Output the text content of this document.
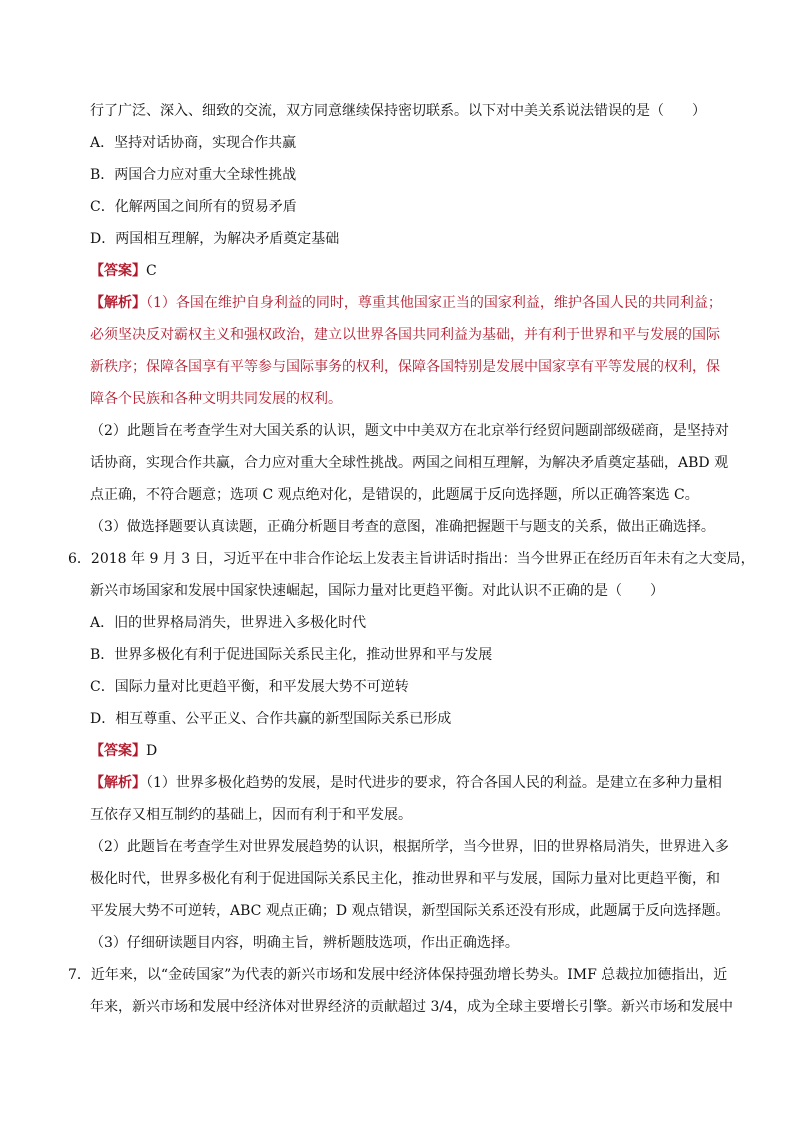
行了广泛、深入、细致的交流，双方同意继续保持密切联系。以下对中美关系说法错误的是（　　）
A．坚持对话协商，实现合作共赢
B．两国合力应对重大全球性挑战
C．化解两国之间所有的贸易矛盾
D．两国相互理解，为解决矛盾奠定基础
【答案】C
【解析】（1）各国在维护自身利益的同时，尊重其他国家正当的国家利益，维护各国人民的共同利益；
必须坚决反对霸权主义和强权政治，建立以世界各国共同利益为基础，并有利于世界和平与发展的国际
新秩序；保障各国享有平等参与国际事务的权利，保障各国特别是发展中国家享有平等发展的权利，保
障各个民族和各种文明共同发展的权利。
（2）此题旨在考查学生对大国关系的认识，题文中中美双方在北京举行经贸问题副部级磋商，是坚持对
话协商，实现合作共赢，合力应对重大全球性挑战。两国之间相互理解，为解决矛盾奠定基础，ABD 观
点正确，不符合题意；选项 C 观点绝对化，是错误的，此题属于反向选择题，所以正确答案选 C。
（3）做选择题要认真读题，正确分析题目考查的意图，准确把握题干与题支的关系，做出正确选择。
6．2018 年 9 月 3 日，习近平在中非合作论坛上发表主旨讲话时指出：当今世界正在经历百年未有之大变局，
新兴市场国家和发展中国家快速崛起，国际力量对比更趋平衡。对此认识不正确的是（　　）
A．旧的世界格局消失，世界进入多极化时代
B．世界多极化有利于促进国际关系民主化，推动世界和平与发展
C．国际力量对比更趋平衡，和平发展大势不可逆转
D．相互尊重、公平正义、合作共赢的新型国际关系已形成
【答案】D
【解析】（1）世界多极化趋势的发展，是时代进步的要求，符合各国人民的利益。是建立在多种力量相
互依存又相互制约的基础上，因而有利于和平发展。
（2）此题旨在考查学生对世界发展趋势的认识，根据所学，当今世界，旧的世界格局消失，世界进入多
极化时代，世界多极化有利于促进国际关系民主化，推动世界和平与发展，国际力量对比更趋平衡，和
平发展大势不可逆转，ABC 观点正确；D 观点错误，新型国际关系还没有形成，此题属于反向选择题。
（3）仔细研读题目内容，明确主旨，辨析题肢选项，作出正确选择。
7．近年来，以“金砖国家”为代表的新兴市场和发展中经济体保持强劲增长势头。IMF 总裁拉加德指出，近
年来，新兴市场和发展中经济体对世界经济的贡献超过 3/4，成为全球主要增长引擎。新兴市场和发展中
